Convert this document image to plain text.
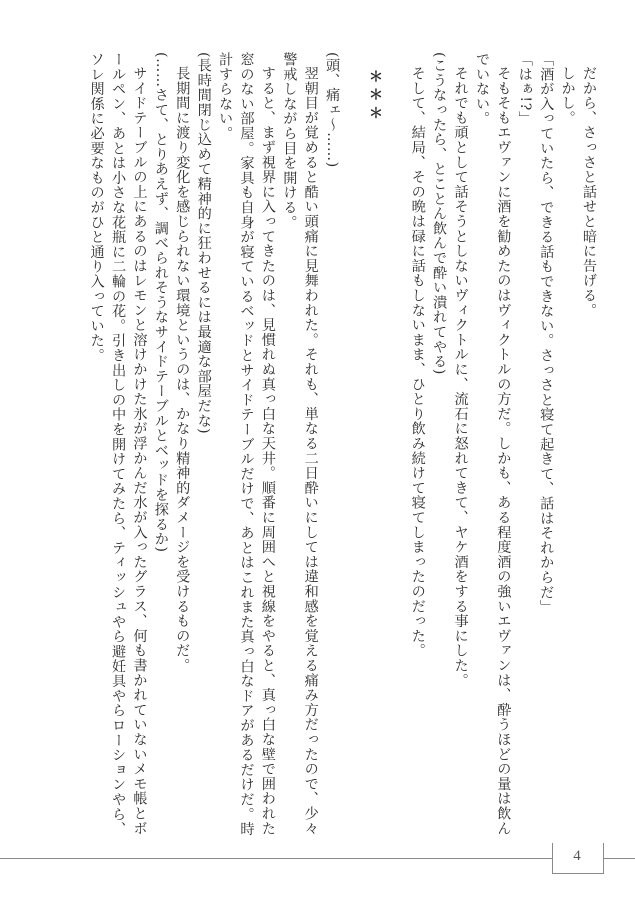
だから、さっさと話せと暗に告げる。
しかし。
「酒が入っていたら、できる話もできない。さっさと寝て起きて、話はそれからだ」
「はぁ!?」
そもそもエヴァンに酒を勧めたのはヴィクトルの方だ。しかも、ある程度酒の強いエヴァンは、酔うほどの量は飲ん
でいない。
それでも頑として話そうとしないヴィクトルに、流石に怒れてきて、ヤケ酒をする事にした。
(こうなったら、とことん飲んで酔い潰れてやる)
そして、結局、その晩は碌に話もしないまま、ひとり飲み続けて寝てしまったのだった。
＊＊＊
(頭、痛ェ～……)
翌朝目が覚めると酷い頭痛に見舞われた。それも、単なる二日酔いにしては違和感を覚える痛み方だったので、少々
警戒しながら目を開ける。
すると、まず視界に入ってきたのは、見慣れぬ真っ白な天井。順番に周囲へと視線をやると、真っ白な壁で囲われた
窓のない部屋。家具も自身が寝ているベッドとサイドテーブルだけで、あとはこれまた真っ白なドアがあるだけだ。時
計すらない。
(長時間閉じ込めて精神的に狂わせるには最適な部屋だな)
長期間に渡り変化を感じられない環境というのは、かなり精神的ダメージを受けるものだ。
(……さて、とりあえず、調べられそうなサイドテーブルとベッドを探るか)
サイドテーブルの上にあるのはレモンと溶けかけた氷が浮かんだ水が入ったグラス、何も書かれていないメモ帳とボ
ールペン、あとは小さな花瓶に二輪の花。引き出しの中を開けてみたら、ティッシュやら避妊具やらローションやら、
ソレ関係に必要なものがひと通り入っていた。
4
